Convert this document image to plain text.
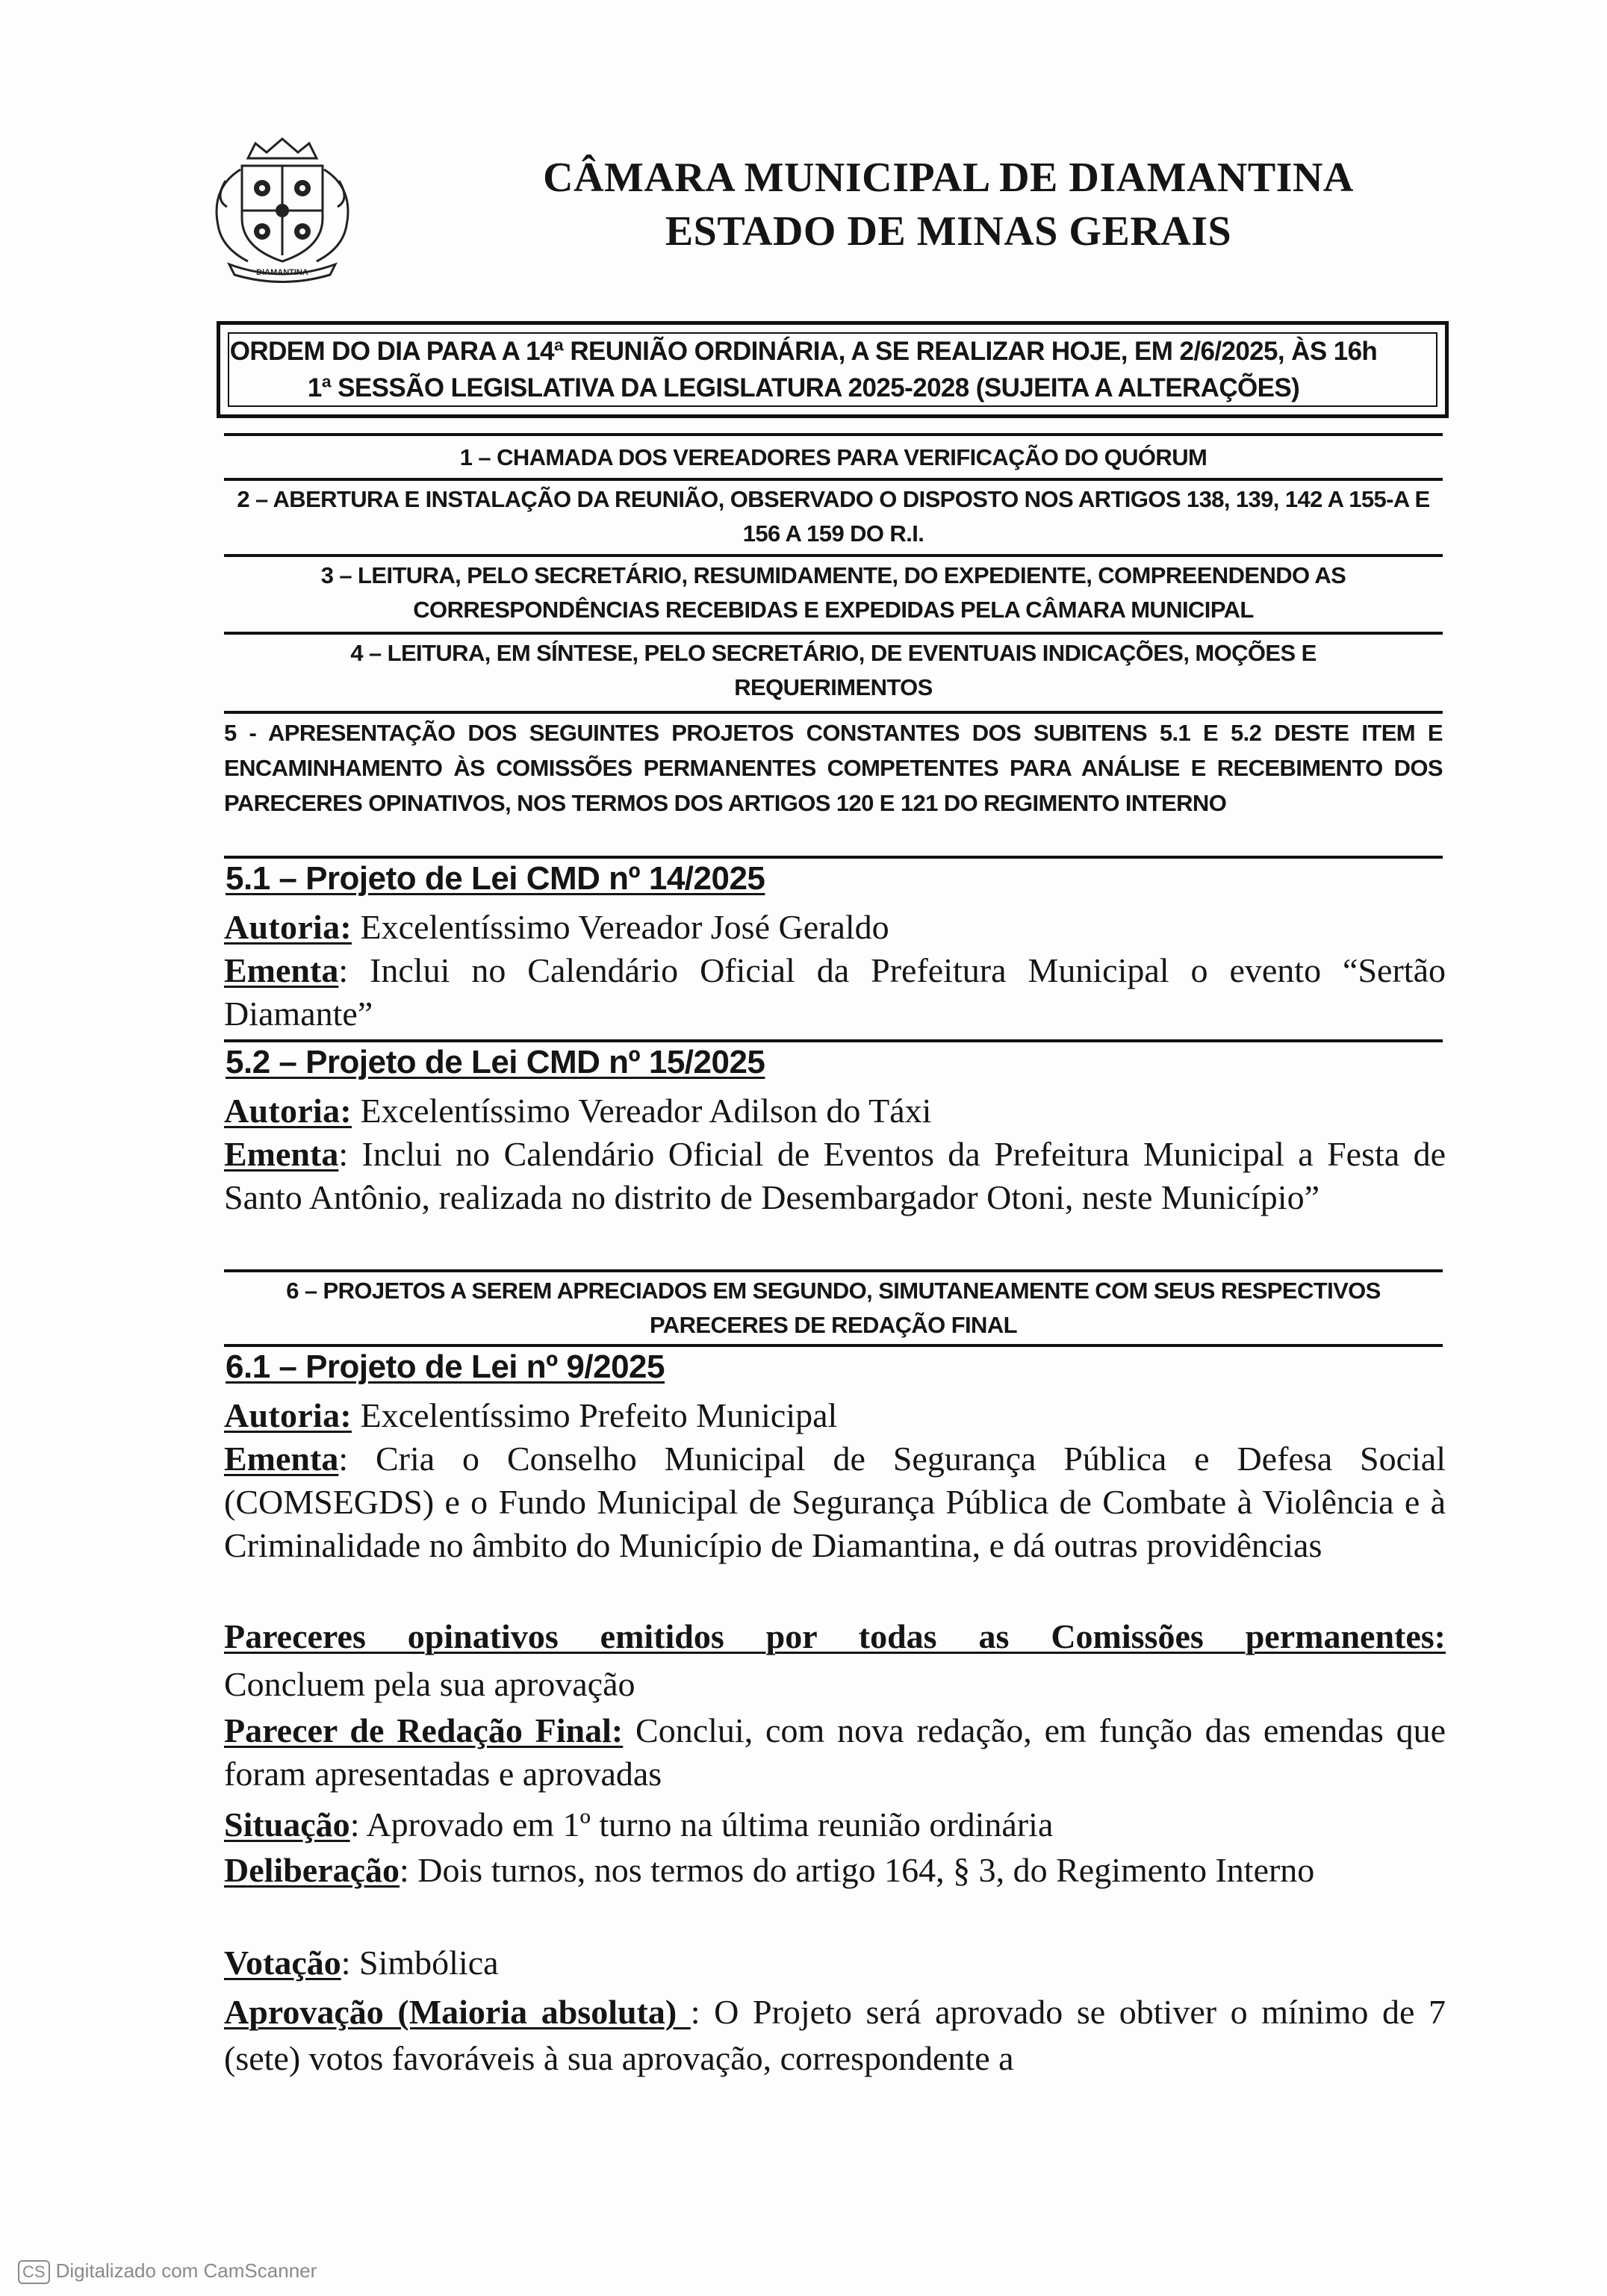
DIAMANTINA
CÂMARA MUNICIPAL DE DIAMANTINA
ESTADO DE MINAS GERAIS
ORDEM DO DIA PARA A 14ª REUNIÃO ORDINÁRIA, A SE REALIZAR HOJE, EM 2/6/2025, ÀS 16h
1ª SESSÃO LEGISLATIVA DA LEGISLATURA 2025-2028 (SUJEITA A ALTERAÇÕES)
1 – CHAMADA DOS VEREADORES PARA VERIFICAÇÃO DO QUÓRUM
2 – ABERTURA E INSTALAÇÃO DA REUNIÃO, OBSERVADO O DISPOSTO NOS ARTIGOS 138, 139, 142 A 155-A E 156 A 159 DO R.I.
3 – LEITURA, PELO SECRETÁRIO, RESUMIDAMENTE, DO EXPEDIENTE, COMPREENDENDO AS CORRESPONDÊNCIAS RECEBIDAS E EXPEDIDAS PELA CÂMARA MUNICIPAL
4 – LEITURA, EM SÍNTESE, PELO SECRETÁRIO, DE EVENTUAIS INDICAÇÕES, MOÇÕES E REQUERIMENTOS
5 - APRESENTAÇÃO DOS SEGUINTES PROJETOS CONSTANTES DOS SUBITENS 5.1 E 5.2 DESTE ITEM E ENCAMINHAMENTO ÀS COMISSÕES PERMANENTES COMPETENTES PARA ANÁLISE E RECEBIMENTO DOS PARECERES OPINATIVOS, NOS TERMOS DOS ARTIGOS 120 E 121 DO REGIMENTO INTERNO
5.1 – Projeto de Lei CMD nº 14/2025
Autoria: Excelentíssimo Vereador José Geraldo
Ementa: Inclui no Calendário Oficial da Prefeitura Municipal o evento “Sertão Diamante”
5.2 – Projeto de Lei CMD nº 15/2025
Autoria: Excelentíssimo Vereador Adilson do Táxi
Ementa: Inclui no Calendário Oficial de Eventos da Prefeitura Municipal a Festa de Santo Antônio, realizada no distrito de Desembargador Otoni, neste Município”
6 – PROJETOS A SEREM APRECIADOS EM SEGUNDO, SIMUTANEAMENTE COM SEUS RESPECTIVOS PARECERES DE REDAÇÃO FINAL
6.1 – Projeto de Lei nº 9/2025
Autoria: Excelentíssimo Prefeito Municipal
Ementa: Cria o Conselho Municipal de Segurança Pública e Defesa Social (COMSEGDS) e o Fundo Municipal de Segurança Pública de Combate à Violência e à Criminalidade no âmbito do Município de Diamantina, e dá outras providências
Pareceres opinativos emitidos por todas as Comissões permanentes:
Concluem pela sua aprovação
Parecer de Redação Final: Conclui, com nova redação, em função das emendas que foram apresentadas e aprovadas
Situação: Aprovado em 1º turno na última reunião ordinária
Deliberação: Dois turnos, nos termos do artigo 164, § 3, do Regimento Interno
Votação: Simbólica
Aprovação (Maioria absoluta) : O Projeto será aprovado se obtiver o mínimo de 7 (sete) votos favoráveis à sua aprovação, correspondente a
CS Digitalizado com CamScanner
